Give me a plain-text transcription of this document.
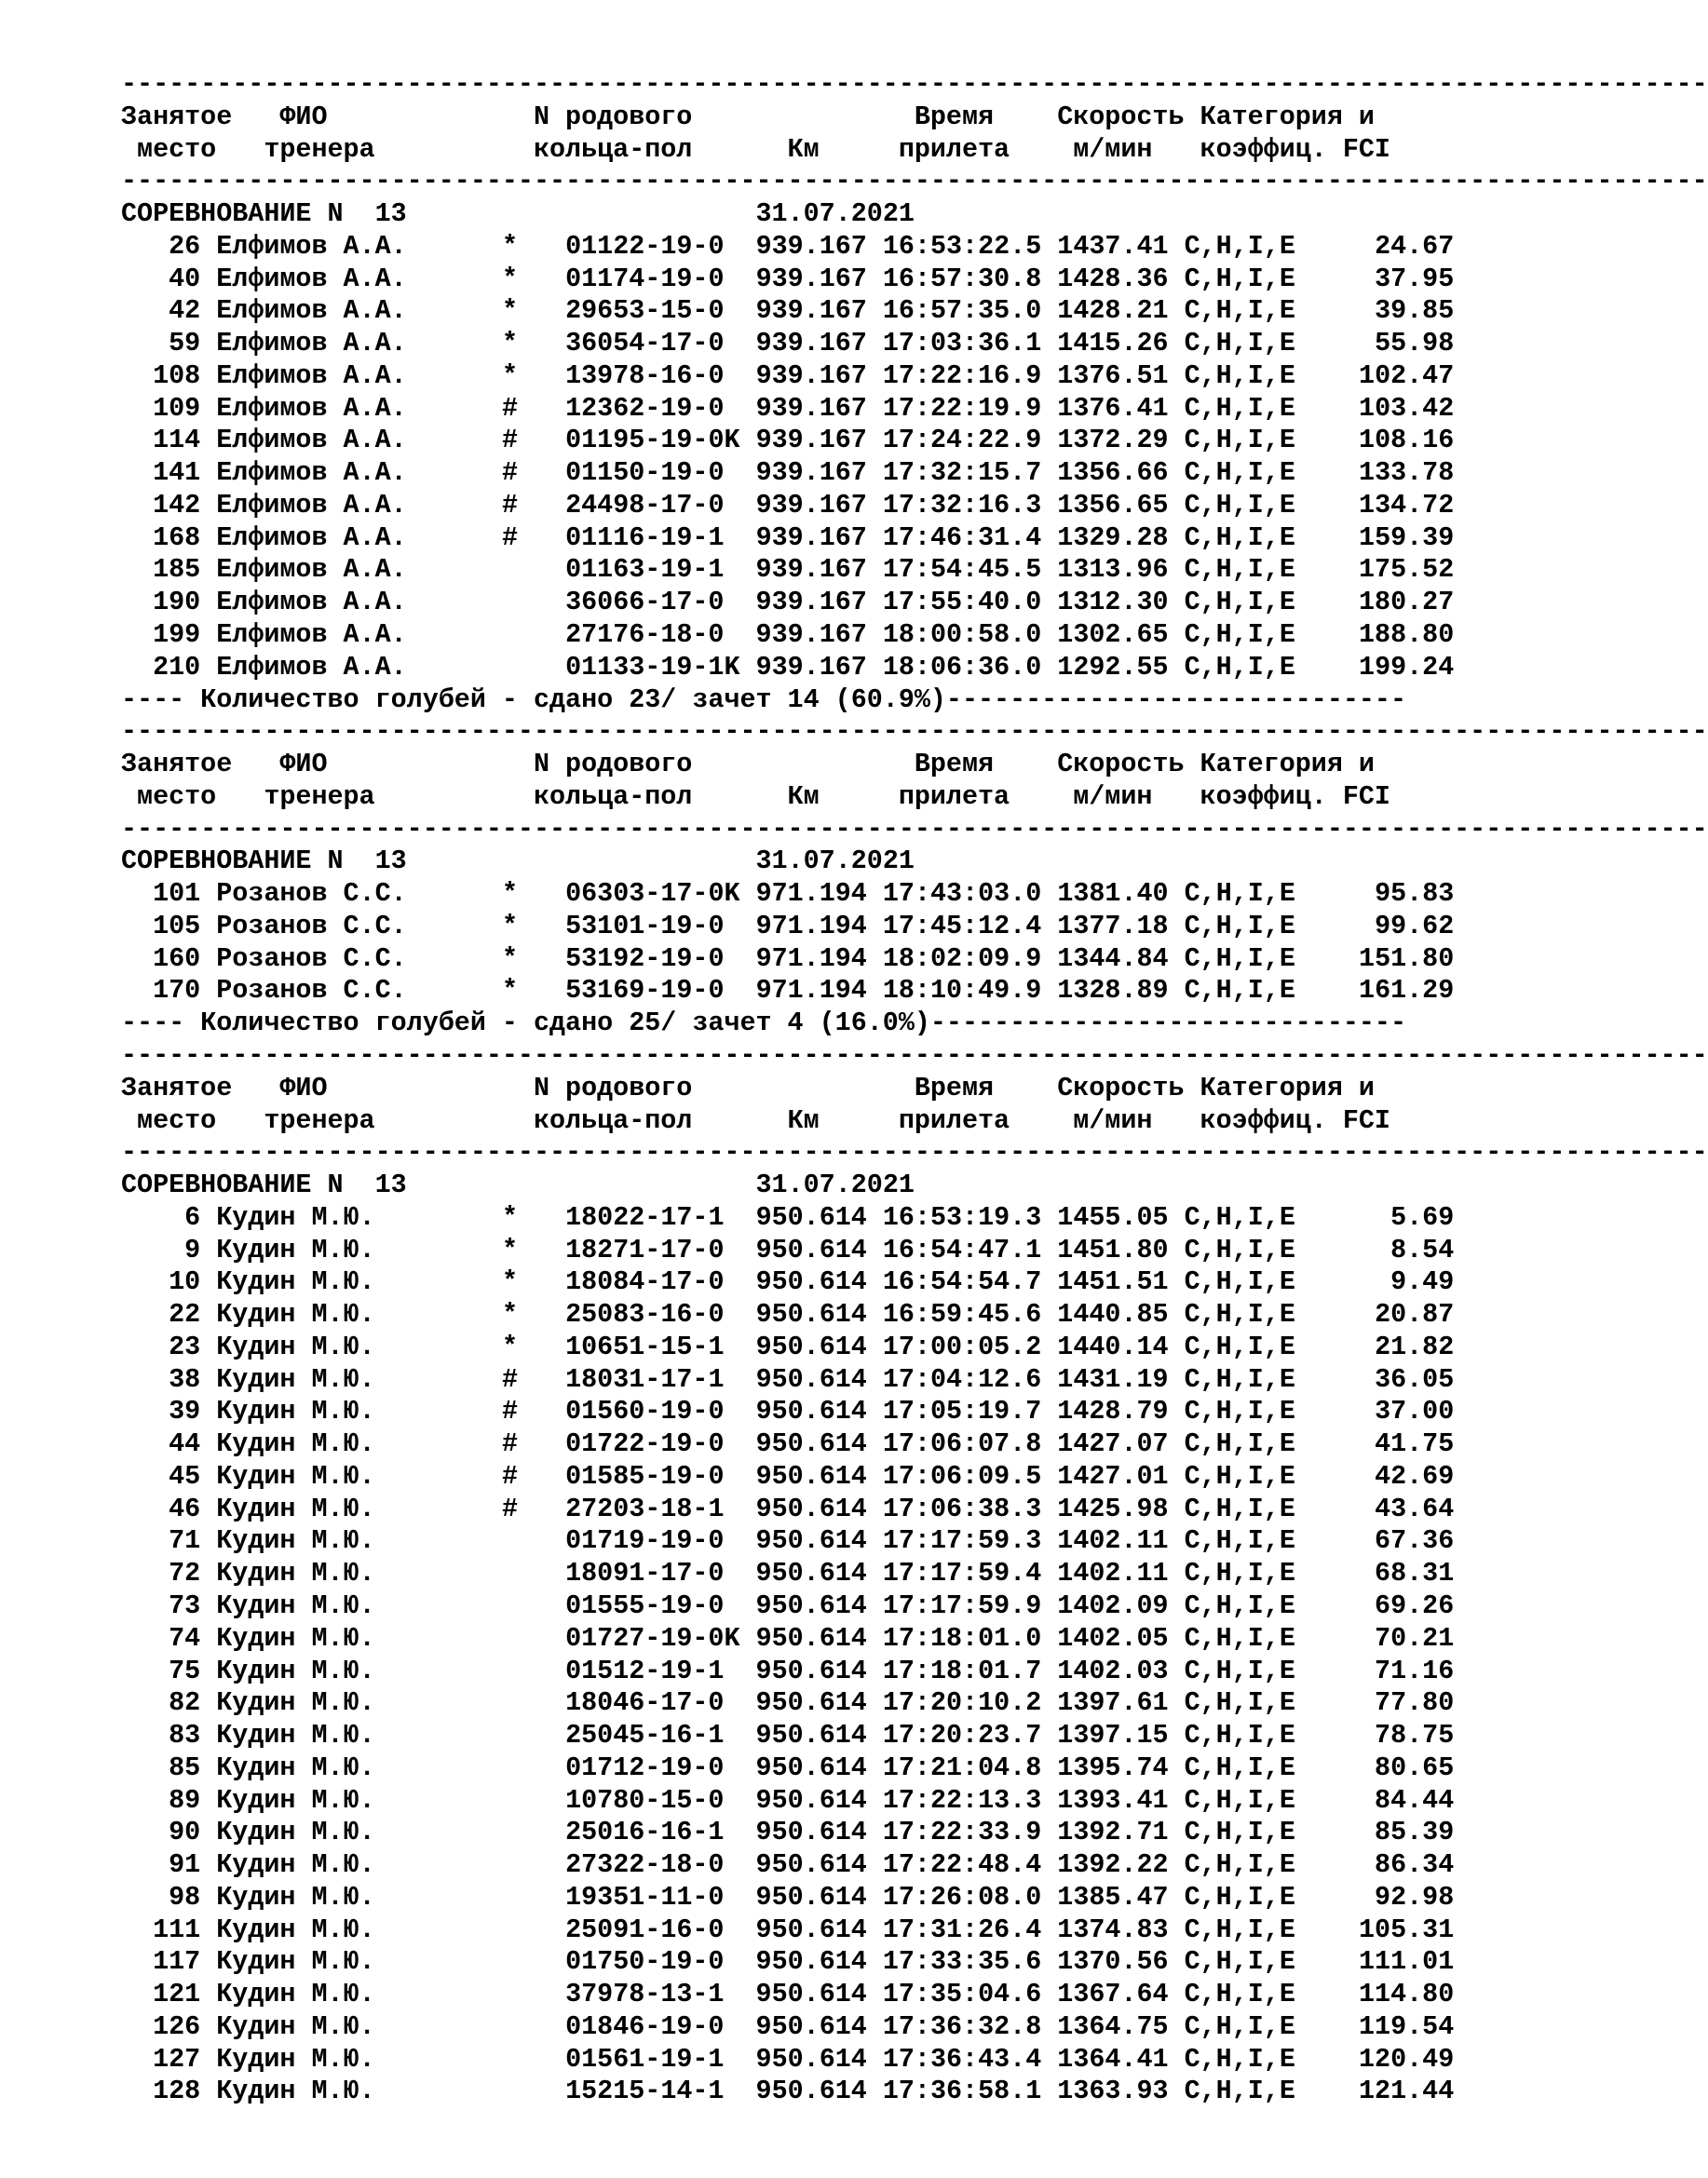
----------------------------------------------------------------------------------------------------
Занятое   ФИО             N родового              Время    Скорость Категория и
место   тренера          кольца-пол      Км     прилета    м/мин   коэффиц. FCI
----------------------------------------------------------------------------------------------------
СОРЕВНОВАНИЕ N  13	31.07.2021
26 Елфимов А.А.	* 01122-19-0 939.167 16:53:22.5 1437.41 C,H,I,E	24.67
40 Елфимов А.А.	* 01174-19-0 939.167 16:57:30.8 1428.36 C,H,I,E	37.95
42 Елфимов А.А.	* 29653-15-0 939.167 16:57:35.0 1428.21 C,H,I,E	39.85
59 Елфимов А.А.	* 36054-17-0 939.167 17:03:36.1 1415.26 C,H,I,E	55.98
108 Елфимов А.А.	* 13978-16-0 939.167 17:22:16.9 1376.51 C,H,I,E 102.47
109 Елфимов А.А.	# 12362-19-0 939.167 17:22:19.9 1376.41 C,H,I,E 103.42
114 Елфимов А.А.	# 01195-19-0K 939.167 17:24:22.9 1372.29 C,H,I,E 108.16
141 Елфимов А.А.	# 01150-19-0 939.167 17:32:15.7 1356.66 C,H,I,E 133.78
142 Елфимов А.А.	# 24498-17-0 939.167 17:32:16.3 1356.65 C,H,I,E 134.72
168 Елфимов А.А.	# 01116-19-1 939.167 17:46:31.4 1329.28 C,H,I,E 159.39
185 Елфимов А.А.	01163-19-1 939.167 17:54:45.5 1313.96 C,H,I,E 175.52
190 Елфимов А.А.	36066-17-0 939.167 17:55:40.0 1312.30 C,H,I,E 180.27
199 Елфимов А.А.	27176-18-0 939.167 18:00:58.0 1302.65 C,H,I,E 188.80
210 Елфимов А.А.	01133-19-1K 939.167 18:06:36.0 1292.55 C,H,I,E 199.24
---- Количество голубей - сдано 23/ зачет 14 (60.9%)-----------------------------
----------------------------------------------------------------------------------------------------
Занятое   ФИО             N родового              Время    Скорость Категория и
место   тренера          кольца-пол      Км     прилета    м/мин   коэффиц. FCI
----------------------------------------------------------------------------------------------------
СОРЕВНОВАНИЕ N  13	31.07.2021
101 Розанов С.С.	* 06303-17-0K 971.194 17:43:03.0 1381.40 C,H,I,E	95.83
105 Розанов С.С.	* 53101-19-0 971.194 17:45:12.4 1377.18 C,H,I,E	99.62
160 Розанов С.С.	* 53192-19-0 971.194 18:02:09.9 1344.84 C,H,I,E 151.80
170 Розанов С.С.	* 53169-19-0 971.194 18:10:49.9 1328.89 C,H,I,E 161.29
---- Количество голубей - сдано 25/ зачет 4 (16.0%)------------------------------
----------------------------------------------------------------------------------------------------
Занятое   ФИО             N родового              Время    Скорость Категория и
место   тренера          кольца-пол      Км     прилета    м/мин   коэффиц. FCI
----------------------------------------------------------------------------------------------------
СОРЕВНОВАНИЕ N  13	31.07.2021
6 Кудин М.Ю.	* 18022-17-1 950.614 16:53:19.3 1455.05 C,H,I,E	5.69
9 Кудин М.Ю.	* 18271-17-0 950.614 16:54:47.1 1451.80 C,H,I,E	8.54
10 Кудин М.Ю.	* 18084-17-0 950.614 16:54:54.7 1451.51 C,H,I,E	9.49
22 Кудин М.Ю.	* 25083-16-0 950.614 16:59:45.6 1440.85 C,H,I,E	20.87
23 Кудин М.Ю.	* 10651-15-1 950.614 17:00:05.2 1440.14 C,H,I,E	21.82
38 Кудин М.Ю.	# 18031-17-1 950.614 17:04:12.6 1431.19 C,H,I,E	36.05
39 Кудин М.Ю.	# 01560-19-0 950.614 17:05:19.7 1428.79 C,H,I,E	37.00
44 Кудин М.Ю.	# 01722-19-0 950.614 17:06:07.8 1427.07 C,H,I,E	41.75
45 Кудин М.Ю.	# 01585-19-0 950.614 17:06:09.5 1427.01 C,H,I,E	42.69
46 Кудин М.Ю.	# 27203-18-1 950.614 17:06:38.3 1425.98 C,H,I,E	43.64
71 Кудин М.Ю.	01719-19-0 950.614 17:17:59.3 1402.11 C,H,I,E	67.36
72 Кудин М.Ю.	18091-17-0 950.614 17:17:59.4 1402.11 C,H,I,E	68.31
73 Кудин М.Ю.	01555-19-0 950.614 17:17:59.9 1402.09 C,H,I,E	69.26
74 Кудин М.Ю.	01727-19-0K 950.614 17:18:01.0 1402.05 C,H,I,E	70.21
75 Кудин М.Ю.	01512-19-1 950.614 17:18:01.7 1402.03 C,H,I,E	71.16
82 Кудин М.Ю.	18046-17-0 950.614 17:20:10.2 1397.61 C,H,I,E	77.80
83 Кудин М.Ю.	25045-16-1 950.614 17:20:23.7 1397.15 C,H,I,E	78.75
85 Кудин М.Ю.	01712-19-0 950.614 17:21:04.8 1395.74 C,H,I,E	80.65
89 Кудин М.Ю.	10780-15-0 950.614 17:22:13.3 1393.41 C,H,I,E	84.44
90 Кудин М.Ю.	25016-16-1 950.614 17:22:33.9 1392.71 C,H,I,E	85.39
91 Кудин М.Ю.	27322-18-0 950.614 17:22:48.4 1392.22 C,H,I,E	86.34
98 Кудин М.Ю.	19351-11-0 950.614 17:26:08.0 1385.47 C,H,I,E	92.98
111 Кудин М.Ю.	25091-16-0 950.614 17:31:26.4 1374.83 C,H,I,E 105.31
117 Кудин М.Ю.	01750-19-0 950.614 17:33:35.6 1370.56 C,H,I,E 111.01
121 Кудин М.Ю.	37978-13-1 950.614 17:35:04.6 1367.64 C,H,I,E 114.80
126 Кудин М.Ю.	01846-19-0 950.614 17:36:32.8 1364.75 C,H,I,E 119.54
127 Кудин М.Ю.	01561-19-1 950.614 17:36:43.4 1364.41 C,H,I,E 120.49
128 Кудин М.Ю.	15215-14-1 950.614 17:36:58.1 1363.93 C,H,I,E 121.44
